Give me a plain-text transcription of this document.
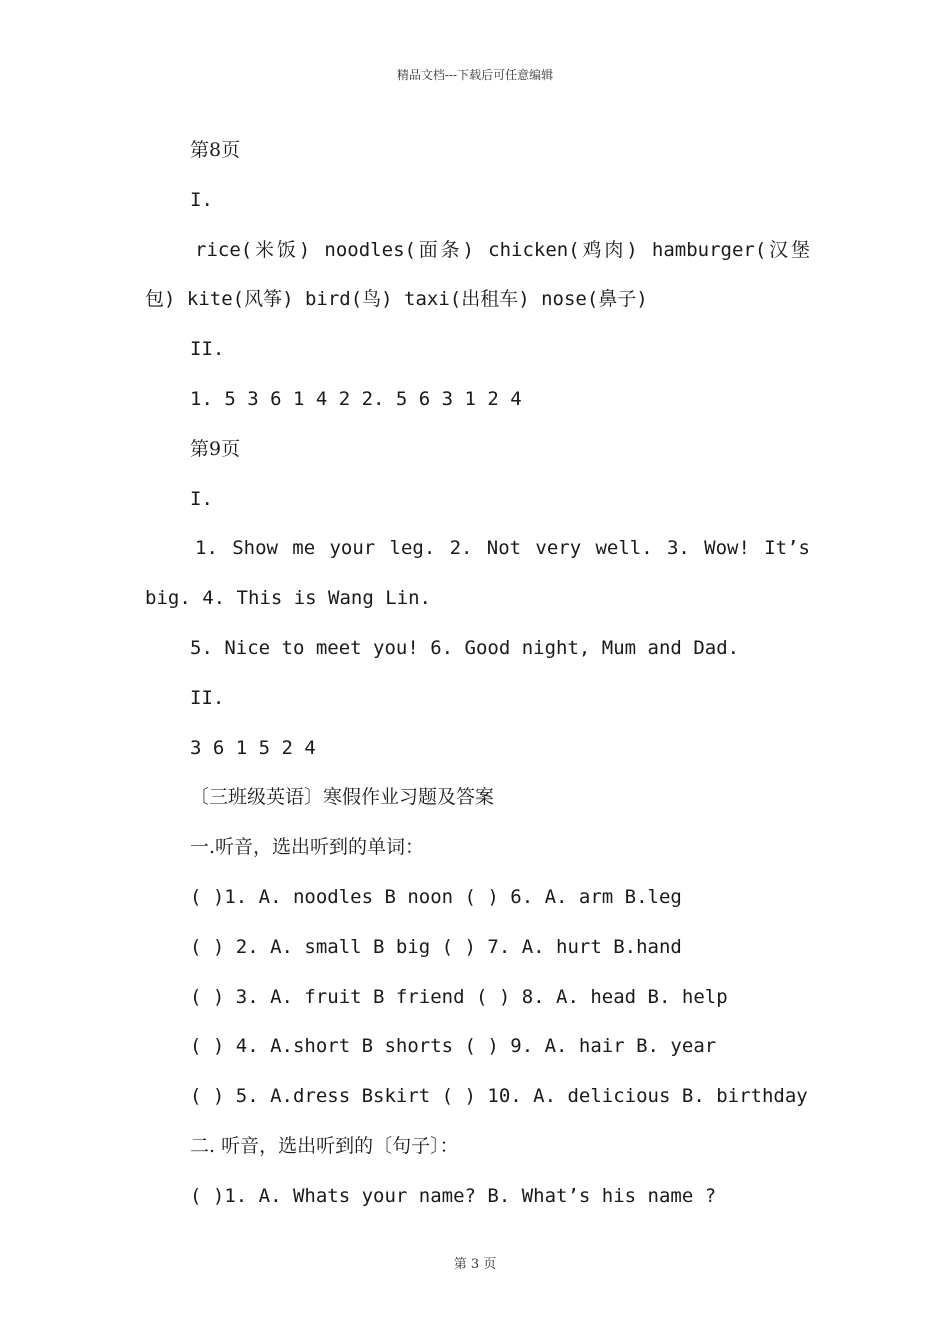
精品文档---下载后可任意编辑
第8页
I.
rice(米饭) noodles(面条) chicken(鸡肉) hamburger(汉堡
包) kite(风筝) bird(鸟) taxi(出租车) nose(鼻子)
II.
1. 5 3 6 1 4 2 2. 5 6 3 1 2 4
第9页
I.
1. Show me your leg. 2. Not very well. 3. Wow! It’s
big. 4. This is Wang Lin.
5. Nice to meet you! 6. Good night, Mum and Dad.
II.
3 6 1 5 2 4
〔三班级英语〕寒假作业习题及答案
一.听音，选出听到的单词：
( )1. A. noodles B noon ( ) 6. A. arm B.leg
( ) 2. A. small B big ( ) 7. A. hurt B.hand
( ) 3. A. fruit B friend ( ) 8. A. head B. help
( ) 4. A.short B shorts ( ) 9. A. hair B. year
( ) 5. A.dress Bskirt ( ) 10. A. delicious B. birthday
二. 听音，选出听到的〔句子〕：
( )1. A. Whats your name? B. What’s his name ?
第 3 页
